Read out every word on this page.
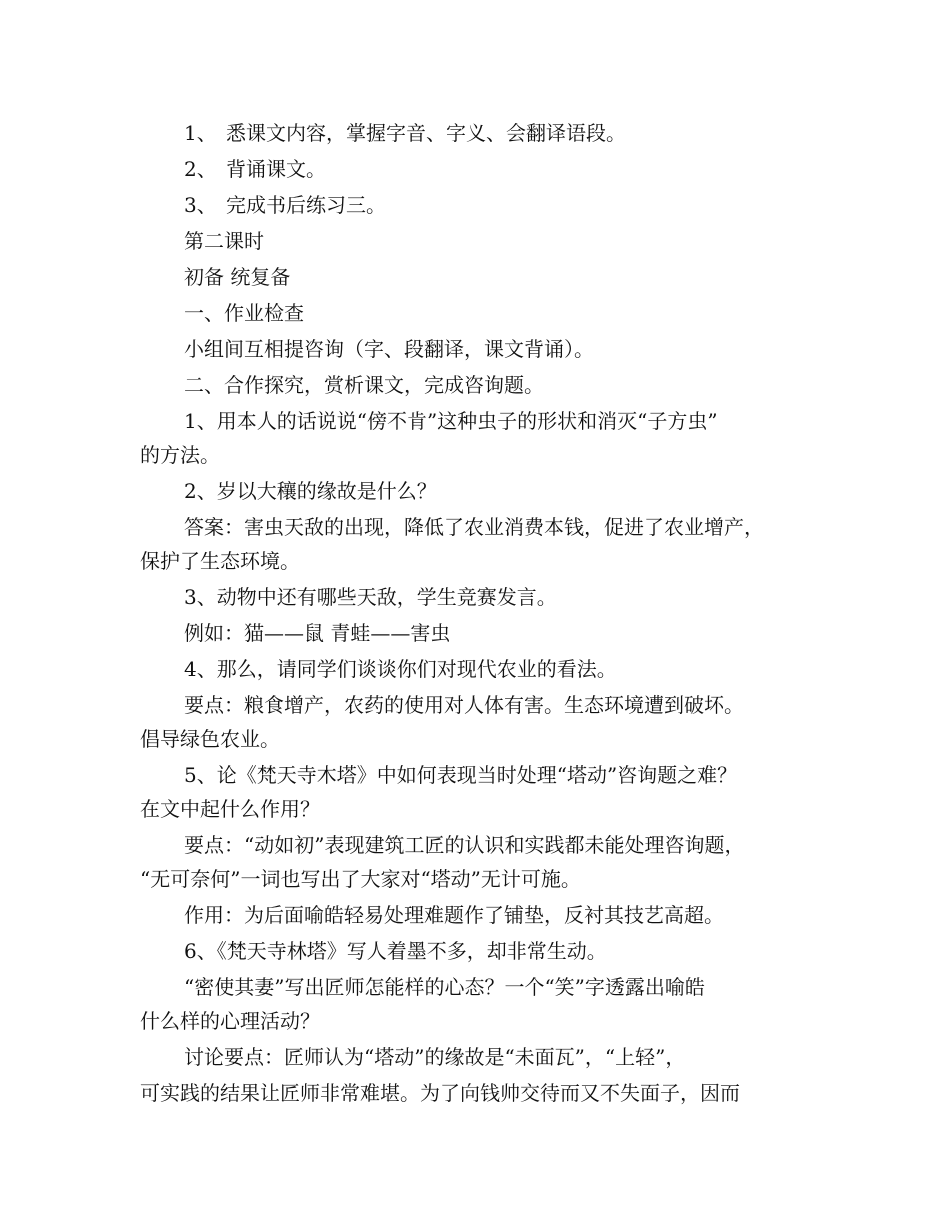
1、 悉课文内容，掌握字音、字义、会翻译语段。
2、 背诵课文。
3、 完成书后练习三。
第二课时
初备 统复备
一、作业检查
小组间互相提咨询（字、段翻译，课文背诵）。
二、合作探究，赏析课文，完成咨询题。
1、用本人的话说说“傍不肯”这种虫子的形状和消灭“子方虫”
的方法。
2、岁以大穰的缘故是什么？
答案：害虫天敌的出现，降低了农业消费本钱，促进了农业增产，
保护了生态环境。
3、动物中还有哪些天敌，学生竞赛发言。
例如：猫——鼠 青蛙——害虫
4、那么，请同学们谈谈你们对现代农业的看法。
要点：粮食增产，农药的使用对人体有害。生态环境遭到破坏。
倡导绿色农业。
5、论《梵天寺木塔》中如何表现当时处理“塔动”咨询题之难？
在文中起什么作用？
要点：“动如初”表现建筑工匠的认识和实践都未能处理咨询题，
“无可奈何”一词也写出了大家对“塔动”无计可施。
作用：为后面喻皓轻易处理难题作了铺垫，反衬其技艺高超。
6、《梵天寺林塔》写人着墨不多，却非常生动。
“密使其妻”写出匠师怎能样的心态？一个“笑”字透露出喻皓
什么样的心理活动？
讨论要点：匠师认为“塔动”的缘故是“未面瓦”，“上轻”，
可实践的结果让匠师非常难堪。为了向钱帅交待而又不失面子，因而
